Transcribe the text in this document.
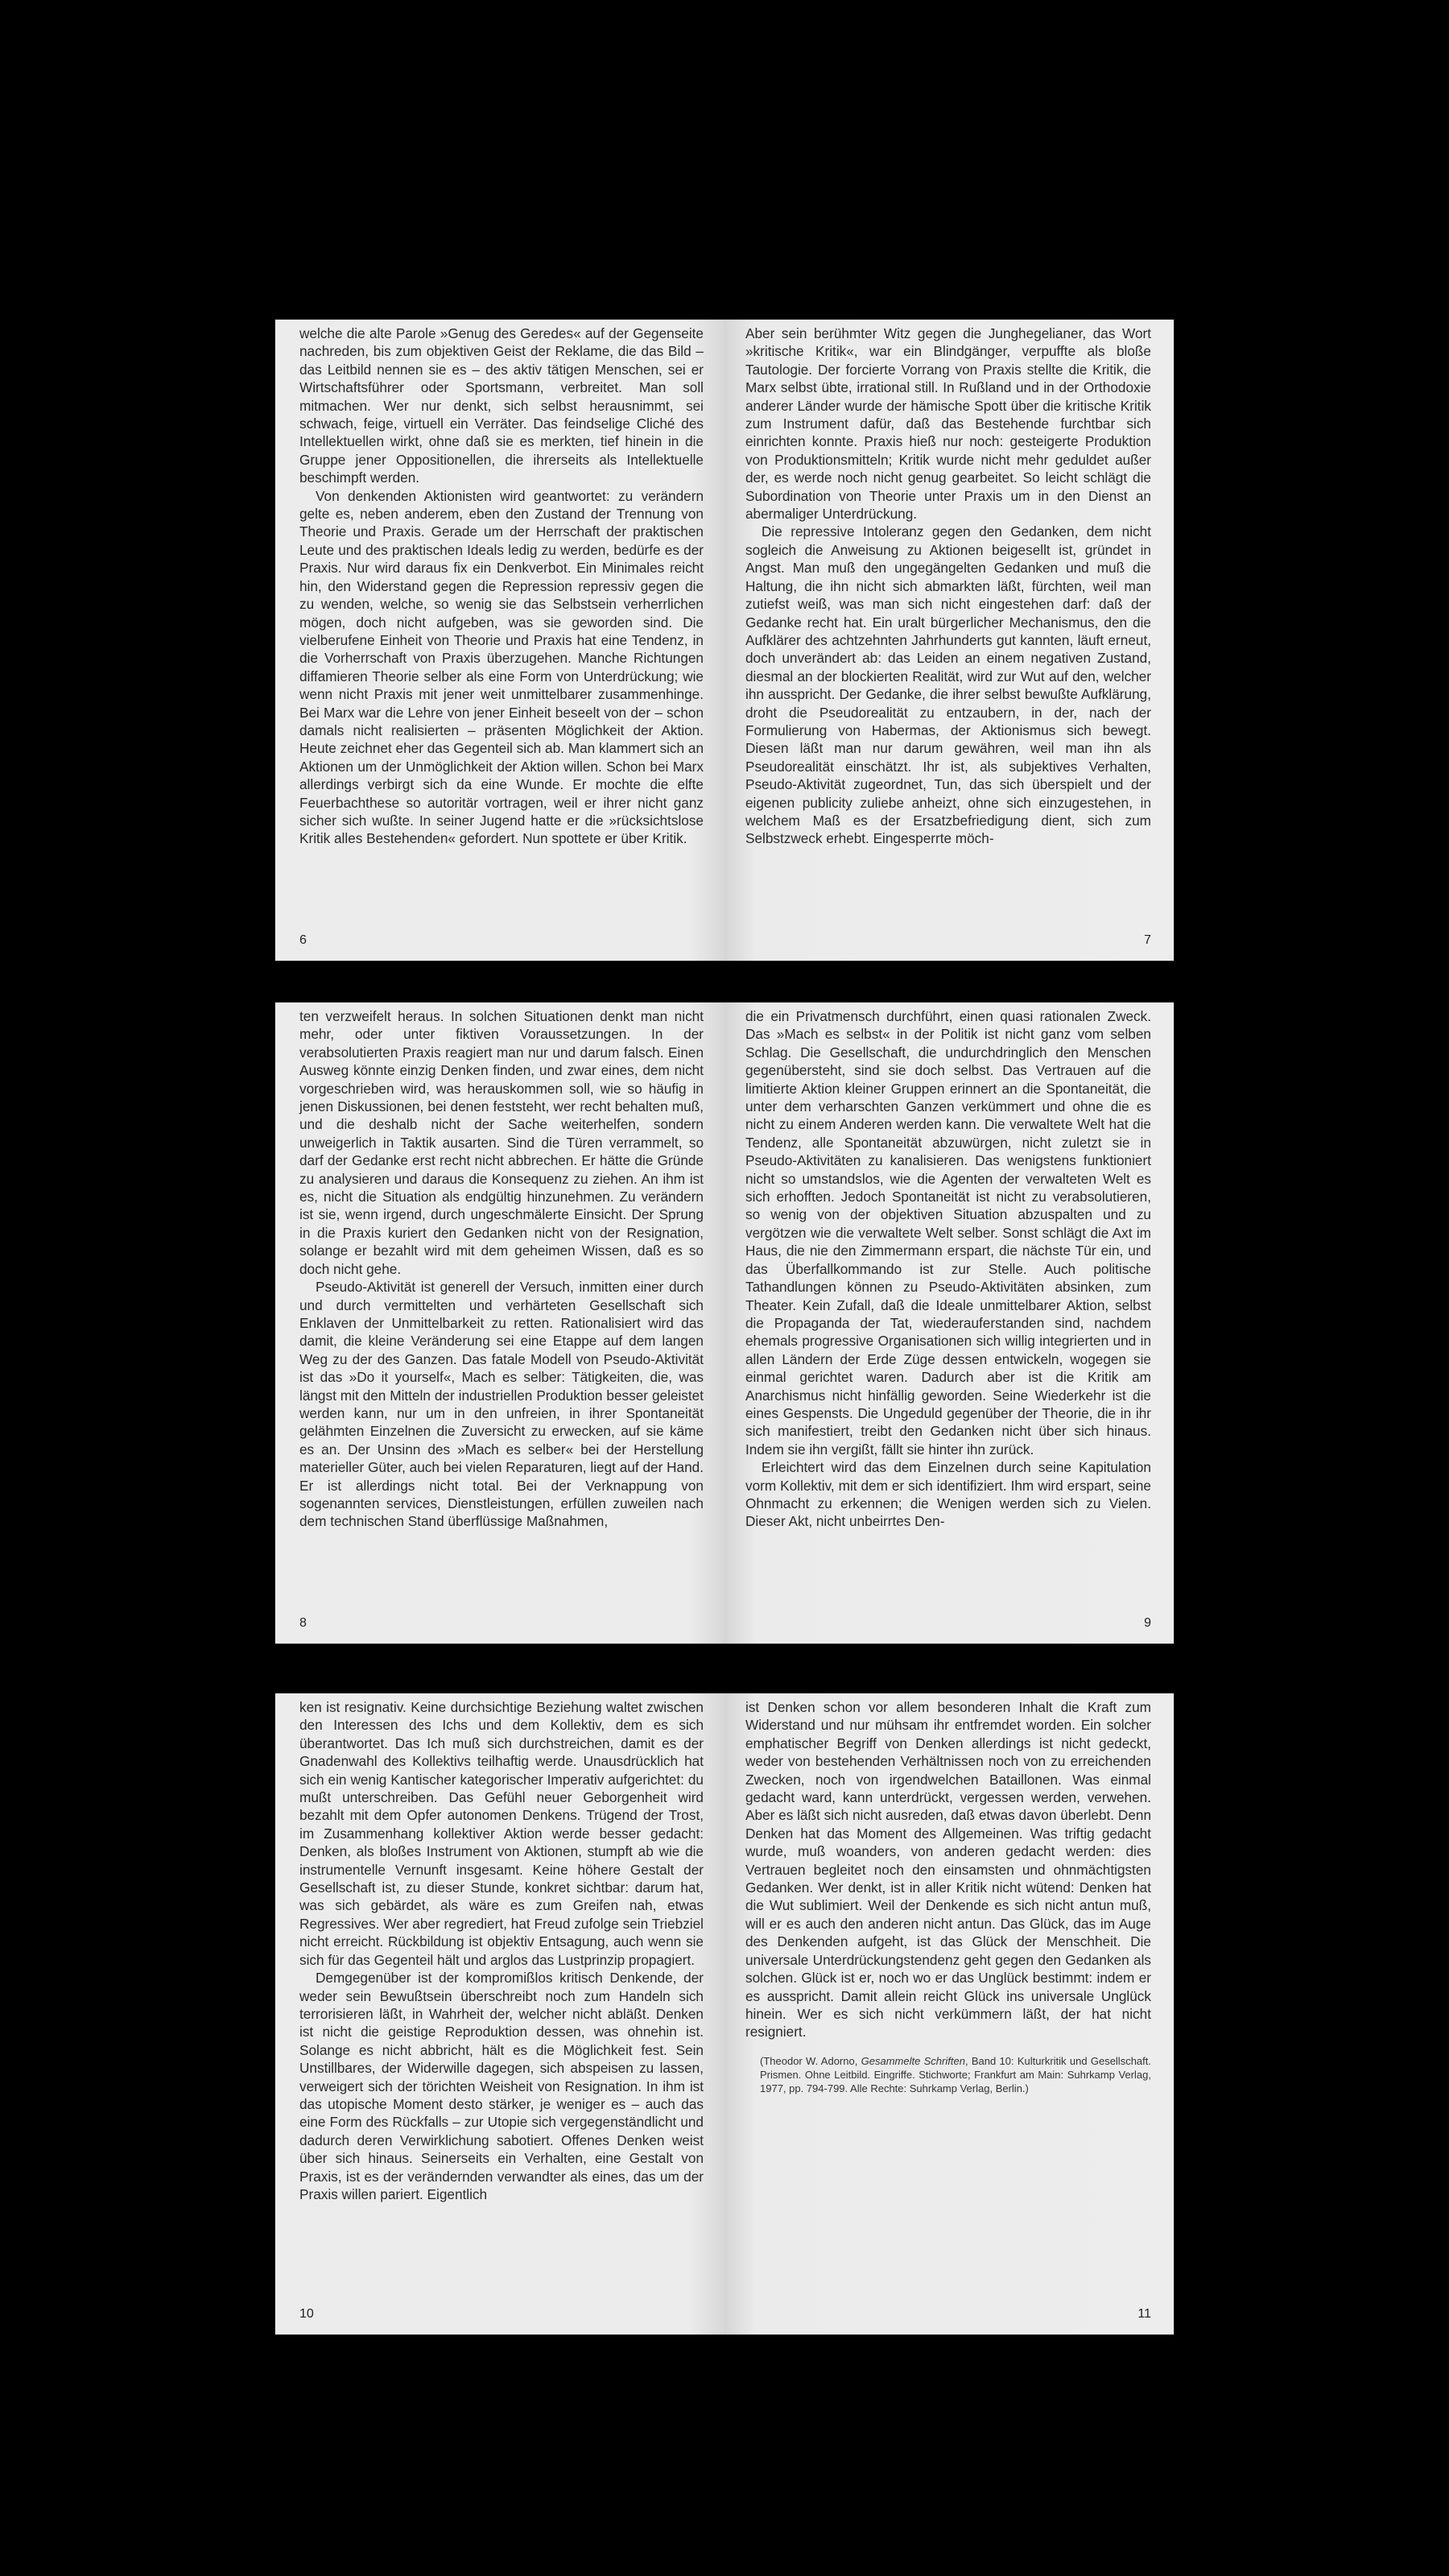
welche die alte Parole »Genug des Geredes« auf der Gegenseite nachreden, bis zum objektiven Geist der Reklame, die das Bild – das Leitbild nennen sie es – des aktiv tätigen Menschen, sei er Wirtschaftsführer oder Sportsmann, verbreitet. Man soll mitmachen. Wer nur denkt, sich selbst herausnimmt, sei schwach, feige, virtuell ein Verräter. Das feindselige Cliché des Intellektuellen wirkt, ohne daß sie es merkten, tief hinein in die Gruppe jener Oppositionellen, die ihrerseits als Intellektuelle beschimpft werden.

Von denkenden Aktionisten wird geantwortet: zu verändern gelte es, neben anderem, eben den Zustand der Trennung von Theorie und Praxis. Gerade um der Herrschaft der praktischen Leute und des praktischen Ideals ledig zu werden, bedürfe es der Praxis. Nur wird daraus fix ein Denkverbot. Ein Minimales reicht hin, den Widerstand gegen die Repression repressiv gegen die zu wenden, welche, so wenig sie das Selbstsein verherrlichen mögen, doch nicht aufgeben, was sie geworden sind. Die vielberufene Einheit von Theorie und Praxis hat eine Tendenz, in die Vorherrschaft von Praxis überzugehen. Manche Richtungen diffamieren Theorie selber als eine Form von Unterdrückung; wie wenn nicht Praxis mit jener weit unmittelbarer zusammenhinge. Bei Marx war die Lehre von jener Einheit beseelt von der – schon damals nicht realisierten – präsenten Möglichkeit der Aktion. Heute zeichnet eher das Gegenteil sich ab. Man klammert sich an Aktionen um der Unmöglichkeit der Aktion willen. Schon bei Marx allerdings verbirgt sich da eine Wunde. Er mochte die elfte Feuerbachthese so autoritär vortragen, weil er ihrer nicht ganz sicher sich wußte. In seiner Jugend hatte er die »rücksichtslose Kritik alles Bestehenden« gefordert. Nun spottete er über Kritik.

6

Aber sein berühmter Witz gegen die Junghegelianer, das Wort »kritische Kritik«, war ein Blindgänger, verpuffte als bloße Tautologie. Der forcierte Vorrang von Praxis stellte die Kritik, die Marx selbst übte, irrational still. In Rußland und in der Orthodoxie anderer Länder wurde der hämische Spott über die kritische Kritik zum Instrument dafür, daß das Bestehende furchtbar sich einrichten konnte. Praxis hieß nur noch: gesteigerte Produktion von Produktionsmitteln; Kritik wurde nicht mehr geduldet außer der, es werde noch nicht genug gearbeitet. So leicht schlägt die Subordination von Theorie unter Praxis um in den Dienst an abermaliger Unterdrückung.

Die repressive Intoleranz gegen den Gedanken, dem nicht sogleich die Anweisung zu Aktionen beigesellt ist, gründet in Angst. Man muß den ungegängelten Gedanken und muß die Haltung, die ihn nicht sich abmarkten läßt, fürchten, weil man zutiefst weiß, was man sich nicht eingestehen darf: daß der Gedanke recht hat. Ein uralt bürgerlicher Mechanismus, den die Aufklärer des achtzehnten Jahrhunderts gut kannten, läuft erneut, doch unverändert ab: das Leiden an einem negativen Zustand, diesmal an der blockierten Realität, wird zur Wut auf den, welcher ihn ausspricht. Der Gedanke, die ihrer selbst bewußte Aufklärung, droht die Pseudorealität zu entzaubern, in der, nach der Formulierung von Habermas, der Aktionismus sich bewegt. Diesen läßt man nur darum gewähren, weil man ihn als Pseudorealität einschätzt. Ihr ist, als subjektives Verhalten, Pseudo-Aktivität zugeordnet, Tun, das sich überspielt und der eigenen publicity zuliebe anheizt, ohne sich einzugestehen, in welchem Maß es der Ersatzbefriedigung dient, sich zum Selbstzweck erhebt. Eingesperrte möch-

7

ten verzweifelt heraus. In solchen Situationen denkt man nicht mehr, oder unter fiktiven Voraussetzungen. In der verabsolutierten Praxis reagiert man nur und darum falsch. Einen Ausweg könnte einzig Denken finden, und zwar eines, dem nicht vorgeschrieben wird, was herauskommen soll, wie so häufig in jenen Diskussionen, bei denen feststeht, wer recht behalten muß, und die deshalb nicht der Sache weiterhelfen, sondern unweigerlich in Taktik ausarten. Sind die Türen verrammelt, so darf der Gedanke erst recht nicht abbrechen. Er hätte die Gründe zu analysieren und daraus die Konsequenz zu ziehen. An ihm ist es, nicht die Situation als endgültig hinzunehmen. Zu verändern ist sie, wenn irgend, durch ungeschmälerte Einsicht. Der Sprung in die Praxis kuriert den Gedanken nicht von der Resignation, solange er bezahlt wird mit dem geheimen Wissen, daß es so doch nicht gehe.

Pseudo-Aktivität ist generell der Versuch, inmitten einer durch und durch vermittelten und verhärteten Gesellschaft sich Enklaven der Unmittelbarkeit zu retten. Rationalisiert wird das damit, die kleine Veränderung sei eine Etappe auf dem langen Weg zu der des Ganzen. Das fatale Modell von Pseudo-Aktivität ist das »Do it yourself«, Mach es selber: Tätigkeiten, die, was längst mit den Mitteln der industriellen Produktion besser geleistet werden kann, nur um in den unfreien, in ihrer Spontaneität gelähmten Einzelnen die Zuversicht zu erwecken, auf sie käme es an. Der Unsinn des »Mach es selber« bei der Herstellung materieller Güter, auch bei vielen Reparaturen, liegt auf der Hand. Er ist allerdings nicht total. Bei der Verknappung von sogenannten services, Dienstleistungen, erfüllen zuweilen nach dem technischen Stand überflüssige Maßnahmen,

8

die ein Privatmensch durchführt, einen quasi rationalen Zweck. Das »Mach es selbst« in der Politik ist nicht ganz vom selben Schlag. Die Gesellschaft, die undurchdringlich den Menschen gegenübersteht, sind sie doch selbst. Das Vertrauen auf die limitierte Aktion kleiner Gruppen erinnert an die Spontaneität, die unter dem verharschten Ganzen verkümmert und ohne die es nicht zu einem Anderen werden kann. Die verwaltete Welt hat die Tendenz, alle Spontaneität abzuwürgen, nicht zuletzt sie in Pseudo-Aktivitäten zu kanalisieren. Das wenigstens funktioniert nicht so umstandslos, wie die Agenten der verwalteten Welt es sich erhofften. Jedoch Spontaneität ist nicht zu verabsolutieren, so wenig von der objektiven Situation abzuspalten und zu vergötzen wie die verwaltete Welt selber. Sonst schlägt die Axt im Haus, die nie den Zimmermann erspart, die nächste Tür ein, und das Überfallkommando ist zur Stelle. Auch politische Tathandlungen können zu Pseudo-Aktivitäten absinken, zum Theater. Kein Zufall, daß die Ideale unmittelbarer Aktion, selbst die Propaganda der Tat, wiederauferstanden sind, nachdem ehemals progressive Organisationen sich willig integrierten und in allen Ländern der Erde Züge dessen entwickeln, wogegen sie einmal gerichtet waren. Dadurch aber ist die Kritik am Anarchismus nicht hinfällig geworden. Seine Wiederkehr ist die eines Gespensts. Die Ungeduld gegenüber der Theorie, die in ihr sich manifestiert, treibt den Gedanken nicht über sich hinaus. Indem sie ihn vergißt, fällt sie hinter ihn zurück.

Erleichtert wird das dem Einzelnen durch seine Kapitulation vorm Kollektiv, mit dem er sich identifiziert. Ihm wird erspart, seine Ohnmacht zu erkennen; die Wenigen werden sich zu Vielen. Dieser Akt, nicht unbeirrtes Den-

9

ken ist resignativ. Keine durchsichtige Beziehung waltet zwischen den Interessen des Ichs und dem Kollektiv, dem es sich überantwortet. Das Ich muß sich durchstreichen, damit es der Gnadenwahl des Kollektivs teilhaftig werde. Unausdrücklich hat sich ein wenig Kantischer kategorischer Imperativ aufgerichtet: du mußt unterschreiben. Das Gefühl neuer Geborgenheit wird bezahlt mit dem Opfer autonomen Denkens. Trügend der Trost, im Zusammenhang kollektiver Aktion werde besser gedacht: Denken, als bloßes Instrument von Aktionen, stumpft ab wie die instrumentelle Vernunft insgesamt. Keine höhere Gestalt der Gesellschaft ist, zu dieser Stunde, konkret sichtbar: darum hat, was sich gebärdet, als wäre es zum Greifen nah, etwas Regressives. Wer aber regrediert, hat Freud zufolge sein Triebziel nicht erreicht. Rückbildung ist objektiv Entsagung, auch wenn sie sich für das Gegenteil hält und arglos das Lustprinzip propagiert.

Demgegenüber ist der kompromißlos kritisch Denkende, der weder sein Bewußtsein überschreibt noch zum Handeln sich terrorisieren läßt, in Wahrheit der, welcher nicht abläßt. Denken ist nicht die geistige Reproduktion dessen, was ohnehin ist. Solange es nicht abbricht, hält es die Möglichkeit fest. Sein Unstillbares, der Widerwille dagegen, sich abspeisen zu lassen, verweigert sich der törichten Weisheit von Resignation. In ihm ist das utopische Moment desto stärker, je weniger es – auch das eine Form des Rückfalls – zur Utopie sich vergegenständlicht und dadurch deren Verwirklichung sabotiert. Offenes Denken weist über sich hinaus. Seinerseits ein Verhalten, eine Gestalt von Praxis, ist es der verändernden verwandter als eines, das um der Praxis willen pariert. Eigentlich

10

ist Denken schon vor allem besonderen Inhalt die Kraft zum Widerstand und nur mühsam ihr entfremdet worden. Ein solcher emphatischer Begriff von Denken allerdings ist nicht gedeckt, weder von bestehenden Verhältnissen noch von zu erreichenden Zwecken, noch von irgendwelchen Bataillonen. Was einmal gedacht ward, kann unterdrückt, vergessen werden, verwehen. Aber es läßt sich nicht ausreden, daß etwas davon überlebt. Denn Denken hat das Moment des Allgemeinen. Was triftig gedacht wurde, muß woanders, von anderen gedacht werden: dies Vertrauen begleitet noch den einsamsten und ohnmächtigsten Gedanken. Wer denkt, ist in aller Kritik nicht wütend: Denken hat die Wut sublimiert. Weil der Denkende es sich nicht antun muß, will er es auch den anderen nicht antun. Das Glück, das im Auge des Denkenden aufgeht, ist das Glück der Menschheit. Die universale Unterdrückungstendenz geht gegen den Gedanken als solchen. Glück ist er, noch wo er das Unglück bestimmt: indem er es ausspricht. Damit allein reicht Glück ins universale Unglück hinein. Wer es sich nicht verkümmern läßt, der hat nicht resigniert.

(Theodor W. Adorno, Gesammelte Schriften, Band 10: Kulturkritik und Gesellschaft. Prismen. Ohne Leitbild. Eingriffe. Stichworte; Frankfurt am Main: Suhrkamp Verlag, 1977, pp. 794-799. Alle Rechte: Suhrkamp Verlag, Berlin.)
11
